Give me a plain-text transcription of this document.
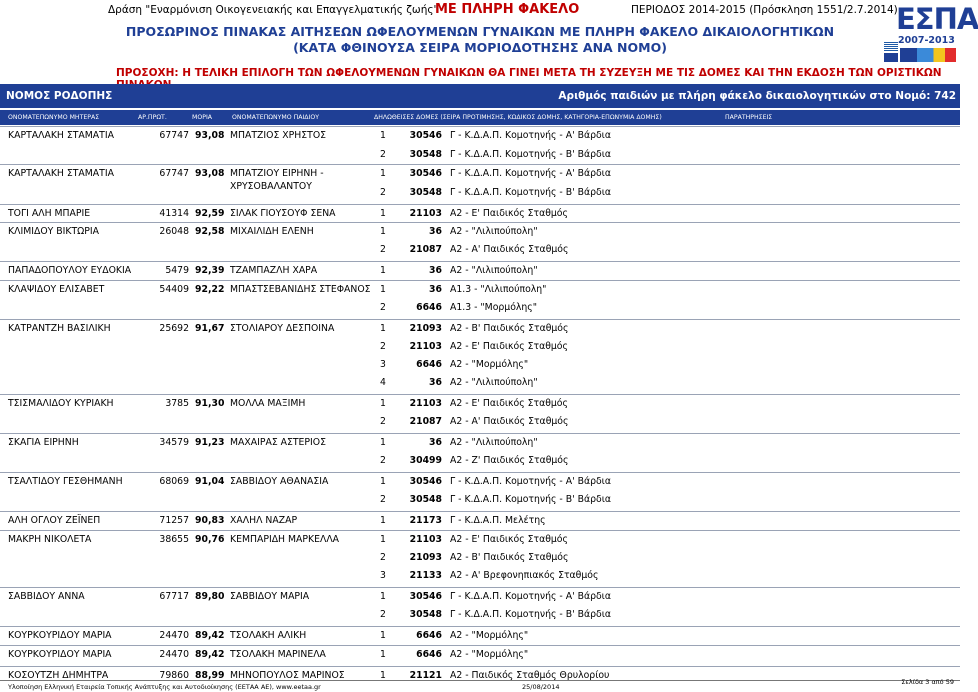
Δράση "Εναρμόνιση Οικογενειακής και Επαγγελματικής ζωής"
ΜΕ ΠΛΗΡΗ ΦΑΚΕΛΟ	ΠΕΡΙΟΔΟΣ 2014-2015 (Πρόσκληση 1551/2.7.2014)
ΕΣΠΑ
2007-2013
ΠΡΟΣΩΡΙΝΟΣ ΠΙΝΑΚΑΣ ΑΙΤΗΣΕΩΝ ΩΦΕΛΟΥΜΕΝΩΝ ΓΥΝΑΙΚΩΝ ΜΕ ΠΛΗΡΗ ΦΑΚΕΛΟ ΔΙΚΑΙΟΛΟΓΗΤΙΚΩΝ
(ΚΑΤΑ ΦΘΙΝΟΥΣΑ ΣΕΙΡΑ ΜΟΡΙΟΔΟΤΗΣΗΣ ΑΝΑ ΝΟΜΟ)
ΠΡΟΣΟΧΗ: Η ΤΕΛΙΚΗ ΕΠΙΛΟΓΗ ΤΩΝ ΩΦΕΛΟΥΜΕΝΩΝ ΓΥΝΑΙΚΩΝ ΘΑ ΓΙΝΕΙ ΜΕΤΑ ΤΗ ΣΥΖΕΥΞΗ ΜΕ ΤΙΣ ΔΟΜΕΣ ΚΑΙ ΤΗΝ ΕΚΔΟΣΗ ΤΩΝ ΟΡΙΣΤΙΚΩΝ
ΝΟΜΟΣ ΡΟΔΟΠΗΣ	Αριθμός παιδιών με πλήρη φάκελο δικαιολογητικών στο Νομό: 742
ΟΝΟΜΑΤΕΠΩΝΥΜΟ ΜΗΤΕΡΑΣ	ΑΡ.ΠΡΩΤ.	ΜΟΡΙΑ	ΟΝΟΜΑΤΕΠΩΝΥΜΟ ΠΑΙΔΙΟΥ	ΔΗΛΩΘΕΙΣΕΣ ΔΟΜΕΣ (ΣΕΙΡΑ ΠΡΟΤΙΜΗΣΗΣ, ΚΩΔΙΚΟΣ ΔΟΜΗΣ, ΚΑΤΗΓΟΡΙΑ-ΕΠΩΝΥΜΙΑ ΔΟΜΗΣ)	ΠΑΡΑΤΗΡΗΣΕΙΣ
ΚΑΡΤΑΛΑΚΗ ΣΤΑΜΑΤΙΑ	67747 93,08 ΜΠΑΤΖΙΟΣ ΧΡΗΣΤΟΣ	1	30546 Γ - Κ.Δ.Α.Π. Κομοτηνής - Α' Βάρδια
2	30548 Γ - Κ.Δ.Α.Π. Κομοτηνής - Β' Βάρδια
ΚΑΡΤΑΛΑΚΗ ΣΤΑΜΑΤΙΑ	67747 93,08 ΜΠΑΤΖΙΟΥ ΕΙΡΗΝΗ -	1	30546 Γ - Κ.Δ.Α.Π. Κομοτηνής - Α' Βάρδια
ΧΡΥΣΟΒΑΛΑΝΤΟΥ
2	30548 Γ - Κ.Δ.Α.Π. Κομοτηνής - Β' Βάρδια
ΤΟΓΙ ΑΛΗ ΜΠΑΡΙΕ	41314 92,59 ΣΙΛΑΚ ΓΙΟΥΣΟΥΦ ΣΕΝΑ	1	21103 Α2 - Ε' Παιδικός Σταθμός
ΚΛΙΜΙΔΟΥ ΒΙΚΤΩΡΙΑ	26048 92,58 ΜΙΧΑΙΛΙΔΗ ΕΛΕΝΗ	1	36 Α2 - "Λιλιπούπολη"
2	21087 Α2 - Α' Παιδικός Σταθμός
ΠΑΠΑΔΟΠΟΥΛΟΥ ΕΥΔΟΚΙΑ	5479 92,39 ΤΖΑΜΠΑΖΛΗ ΧΑΡΑ	1	36 Α2 - "Λιλιπούπολη"
ΚΛΑΨΙΔΟΥ ΕΛΙΣΑΒΕΤ	54409 92,22 ΜΠΑΣΤΣΕΒΑΝΙΔΗΣ ΣΤΕΦΑΝΟΣ 1	36 Α1.3 - "Λιλιπούπολη"
2	6646 Α1.3 - "Μορμόλης"
ΚΑΤΡΑΝΤΖΗ ΒΑΣΙΛΙΚΗ	25692 91,67 ΣΤΟΛΙΑΡΟΥ ΔΕΣΠΟΙΝΑ	1	21093 Α2 - Β' Παιδικός Σταθμός
2	21103 Α2 - Ε' Παιδικός Σταθμός
3	6646 Α2 - "Μορμόλης"
4	36 Α2 - "Λιλιπούπολη"
ΤΣΙΣΜΑΛΙΔΟΥ ΚΥΡΙΑΚΗ	3785 91,30 ΜΟΛΛΑ ΜΑΞΙΜΗ	1	21103 Α2 - Ε' Παιδικός Σταθμός
2	21087 Α2 - Α' Παιδικός Σταθμός
ΣΚΑΓΙΑ ΕΙΡΗΝΗ	34579 91,23 ΜΑΧΑΙΡΑΣ ΑΣΤΕΡΙΟΣ	1	36 Α2 - "Λιλιπούπολη"
2	30499 Α2 - Ζ' Παιδικός Σταθμός
ΤΣΑΛΤΙΔΟΥ ΓΕΣΘΗΜΑΝΗ	68069 91,04 ΣΑΒΒΙΔΟΥ ΑΘΑΝΑΣΙΑ	1	30546 Γ - Κ.Δ.Α.Π. Κομοτηνής - Α' Βάρδια
2	30548 Γ - Κ.Δ.Α.Π. Κομοτηνής - Β' Βάρδια
ΑΛΗ ΟΓΛΟΥ ΖΕΪΝΕΠ	71257 90,83 ΧΑΛΗΛ ΝΑΖΑΡ	1	21173 Γ - Κ.Δ.Α.Π. Μελέτης
ΜΑΚΡΗ ΝΙΚΟΛΕΤΑ	38655 90,76 ΚΕΜΠΑΡΙΔΗ ΜΑΡΚΕΛΛΑ	1	21103 Α2 - Ε' Παιδικός Σταθμός
2	21093 Α2 - Β' Παιδικός Σταθμός
3	21133 Α2 - Α' Βρεφονηπιακός Σταθμός
ΣΑΒΒΙΔΟΥ ΑΝΝΑ	67717 89,80 ΣΑΒΒΙΔΟΥ ΜΑΡΙΑ	1	30546 Γ - Κ.Δ.Α.Π. Κομοτηνής - Α' Βάρδια
2	30548 Γ - Κ.Δ.Α.Π. Κομοτηνής - Β' Βάρδια
ΚΟΥΡΚΟΥΡΙΔΟΥ ΜΑΡΙΑ	24470 89,42 ΤΣΟΛΑΚΗ ΑΛΙΚΗ	1	6646 Α2 - "Μορμόλης"
ΚΟΥΡΚΟΥΡΙΔΟΥ ΜΑΡΙΑ	24470 89,42 ΤΣΟΛΑΚΗ ΜΑΡΙΝΕΛΑ	1	6646 Α2 - "Μορμόλης"
ΚΟΣΟΥΤΖΗ ΔΗΜΗΤΡΑ	79860 88,99 ΜΗΝΟΠΟΥΛΟΣ ΜΑΡΙΝΟΣ	1	21121 Α2 - Παιδικός Σταθμός Θρυλορίου
Υλοποίηση Ελληνική Εταιρεία Τοπικής Ανάπτυξης και Αυτοδιοίκησης (ΕΕΤΑΑ ΑΕ), www.eetaa.gr	25/08/2014
Σελίδα 3 από 59
